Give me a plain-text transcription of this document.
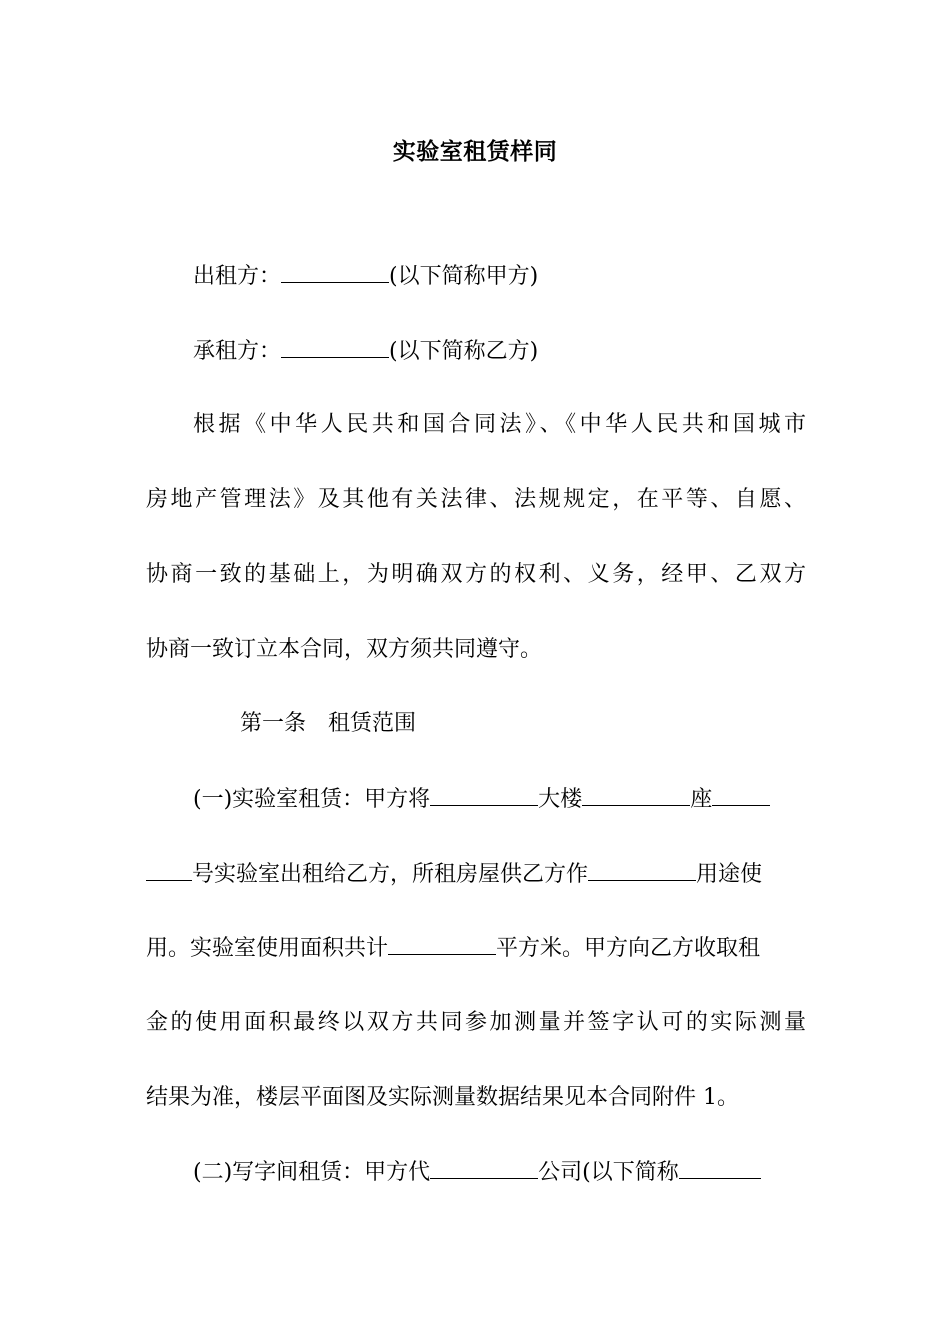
实验室租赁样同
出租方：	(以下简称甲方)
承租方：	(以下简称乙方)
根据《中华人民共和国合同法》、《中华人民共和国城市
房地产管理法》及其他有关法律、法规规定，在平等、自愿、
协商一致的基础上，为明确双方的权利、义务，经甲、乙双方
协商一致订立本合同，双方须共同遵守。
第一条　租赁范围
(一)实验室租赁：甲方将	大楼	座
号实验室出租给乙方，所租房屋供乙方作	用途使
用。实验室使用面积共计	平方米。甲方向乙方收取租
金的使用面积最终以双方共同参加测量并签字认可的实际测量
结果为准，楼层平面图及实际测量数据结果见本合同附件 1。
(二)写字间租赁：甲方代	公司(以下简称
